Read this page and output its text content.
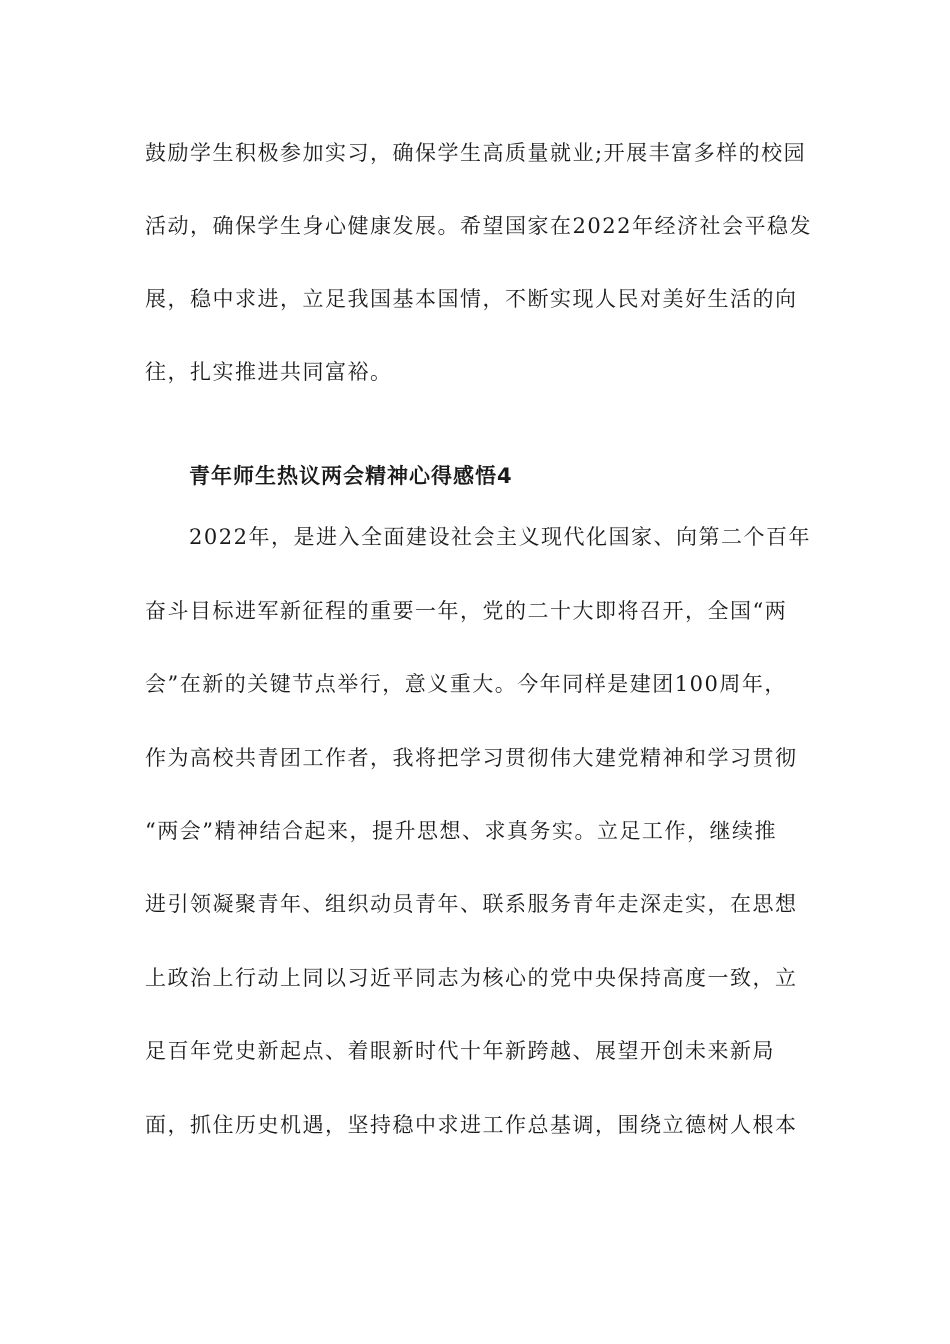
鼓励学生积极参加实习，确保学生高质量就业;开展丰富多样的校园
活动，确保学生身心健康发展。希望国家在2022年经济社会平稳发
展，稳中求进，立足我国基本国情，不断实现人民对美好生活的向
往，扎实推进共同富裕。
青年师生热议两会精神心得感悟4
2022年，是进入全面建设社会主义现代化国家、向第二个百年
奋斗目标进军新征程的重要一年，党的二十大即将召开，全国“两
会”在新的关键节点举行，意义重大。今年同样是建团100周年，
作为高校共青团工作者，我将把学习贯彻伟大建党精神和学习贯彻
“两会”精神结合起来，提升思想、求真务实。立足工作，继续推
进引领凝聚青年、组织动员青年、联系服务青年走深走实，在思想
上政治上行动上同以习近平同志为核心的党中央保持高度一致，立
足百年党史新起点、着眼新时代十年新跨越、展望开创未来新局
面，抓住历史机遇，坚持稳中求进工作总基调，围绕立德树人根本
